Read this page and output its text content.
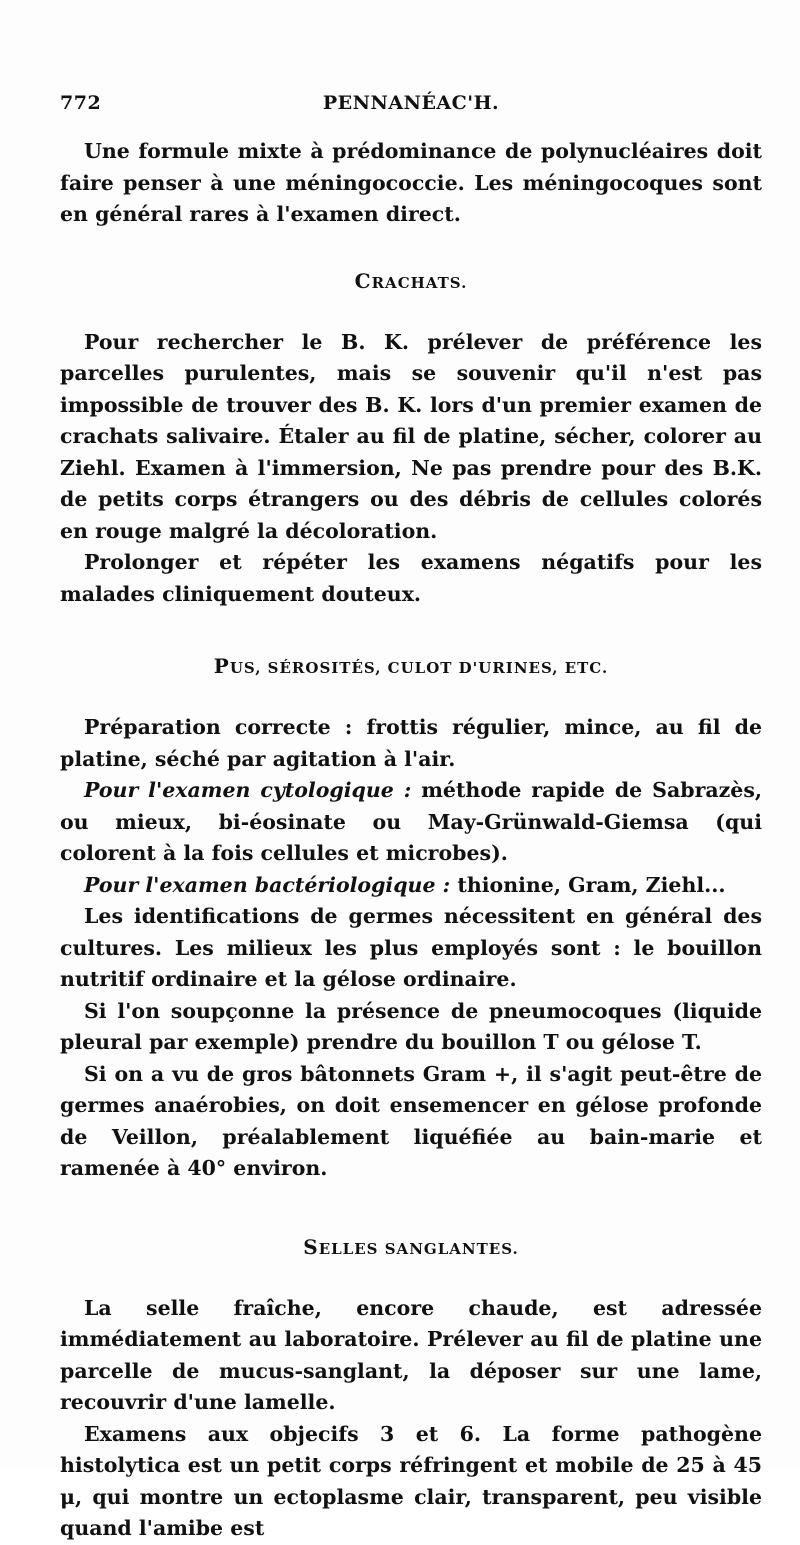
772	PENNANÉAC'H.

Une formule mixte à prédominance de polynucléaires doit faire penser à une méningococcie. Les méningocoques sont en général rares à l'examen direct.

CRACHATS.

Pour rechercher le B. K. prélever de préférence les parcelles purulentes, mais se souvenir qu'il n'est pas impossible de trouver des B. K. lors d'un premier examen de crachats salivaire. Étaler au fil de platine, sécher, colorer au Ziehl. Examen à l'immersion, Ne pas prendre pour des B.K. de petits corps étrangers ou des débris de cellules colorés en rouge malgré la décoloration.

Prolonger et répéter les examens négatifs pour les malades cliniquement douteux.

PUS, SÉROSITÉS, CULOT D'URINES, ETC.

Préparation correcte : frottis régulier, mince, au fil de platine, séché par agitation à l'air.

Pour l'examen cytologique : méthode rapide de Sabrazès, ou mieux, bi-éosinate ou May-Grünwald-Giemsa (qui colorent à la fois cellules et microbes).

Pour l'examen bactériologique : thionine, Gram, Ziehl...

Les identifications de germes nécessitent en général des cultures. Les milieux les plus employés sont : le bouillon nutritif ordinaire et la gélose ordinaire.

Si l'on soupçonne la présence de pneumocoques (liquide pleural par exemple) prendre du bouillon T ou gélose T.

Si on a vu de gros bâtonnets Gram +, il s'agit peut-être de germes anaérobies, on doit ensemencer en gélose profonde de Veillon, préalablement liquéfiée au bain-marie et ramenée à 40° environ.

SELLES SANGLANTES.

La selle fraîche, encore chaude, est adressée immédiatement au laboratoire. Prélever au fil de platine une parcelle de mucus-sanglant, la déposer sur une lame, recouvrir d'une lamelle.

Examens aux objecifs 3 et 6. La forme pathogène histolytica est un petit corps réfringent et mobile de 25 à 45 μ, qui montre un ectoplasme clair, transparent, peu visible quand l'amibe est
